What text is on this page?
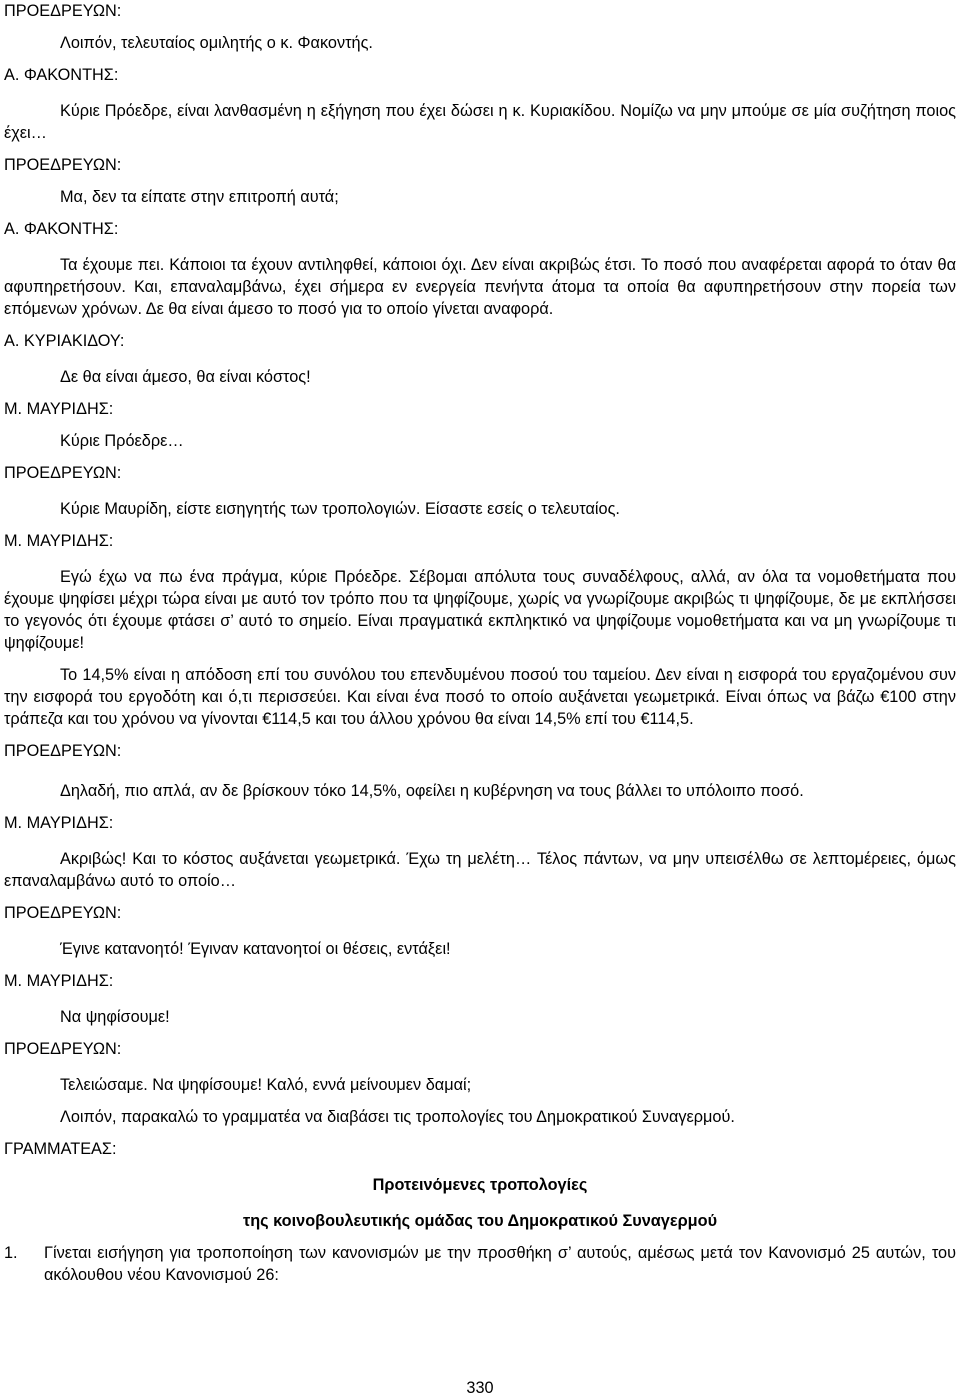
ΠΡΟΕΔΡΕΥΩΝ:

Λοιπόν, τελευταίος ομιλητής ο κ. Φακοντής.

Α. ΦΑΚΟΝΤΗΣ:

Κύριε Πρόεδρε, είναι λανθασμένη η εξήγηση που έχει δώσει η κ. Κυριακίδου. Νομίζω να μην μπούμε σε μία συζήτηση ποιος έχει…

ΠΡΟΕΔΡΕΥΩΝ:

Μα, δεν τα είπατε στην επιτροπή αυτά;

Α. ΦΑΚΟΝΤΗΣ:

Τα έχουμε πει. Κάποιοι τα έχουν αντιληφθεί, κάποιοι όχι. Δεν είναι ακριβώς έτσι. Το ποσό που αναφέρεται αφορά το όταν θα αφυπηρετήσουν. Και, επαναλαμβάνω, έχει σήμερα εν ενεργεία πενήντα άτομα τα οποία θα αφυπηρετήσουν στην πορεία των επόμενων χρόνων. Δε θα είναι άμεσο το ποσό για το οποίο γίνεται αναφορά.

Α. ΚΥΡΙΑΚΙΔΟΥ:

Δε θα είναι άμεσο, θα είναι κόστος!

Μ. ΜΑΥΡΙΔΗΣ:

Κύριε Πρόεδρε…

ΠΡΟΕΔΡΕΥΩΝ:

Κύριε Μαυρίδη, είστε εισηγητής των τροπολογιών. Είσαστε εσείς ο τελευταίος.

Μ. ΜΑΥΡΙΔΗΣ:

Εγώ έχω να πω ένα πράγμα, κύριε Πρόεδρε. Σέβομαι απόλυτα τους συναδέλφους, αλλά, αν όλα τα νομοθετήματα που έχουμε ψηφίσει μέχρι τώρα είναι με αυτό τον τρόπο που τα ψηφίζουμε, χωρίς να γνωρίζουμε ακριβώς τι ψηφίζουμε, δε με εκπλήσσει το γεγονός ότι έχουμε φτάσει σ’ αυτό το σημείο. Είναι πραγματικά εκπληκτικό να ψηφίζουμε νομοθετήματα και να μη γνωρίζουμε τι ψηφίζουμε!

Το 14,5% είναι η απόδοση επί του συνόλου του επενδυμένου ποσού του ταμείου. Δεν είναι η εισφορά του εργαζομένου συν την εισφορά του εργοδότη και ό,τι περισσεύει. Και είναι ένα ποσό το οποίο αυξάνεται γεωμετρικά. Είναι όπως να βάζω €100 στην τράπεζα και του χρόνου να γίνονται €114,5 και του άλλου χρόνου θα είναι 14,5% επί του €114,5.

ΠΡΟΕΔΡΕΥΩΝ:

Δηλαδή, πιο απλά, αν δε βρίσκουν τόκο 14,5%, οφείλει η κυβέρνηση να τους βάλλει το υπόλοιπο ποσό.

Μ. ΜΑΥΡΙΔΗΣ:

Ακριβώς! Και το κόστος αυξάνεται γεωμετρικά. Έχω τη μελέτη… Τέλος πάντων, να μην υπεισέλθω σε λεπτομέρειες, όμως επαναλαμβάνω αυτό το οποίο…

ΠΡΟΕΔΡΕΥΩΝ:

Έγινε κατανοητό! Έγιναν κατανοητοί οι θέσεις, εντάξει!

Μ. ΜΑΥΡΙΔΗΣ:

Να ψηφίσουμε!

ΠΡΟΕΔΡΕΥΩΝ:

Τελειώσαμε. Να ψηφίσουμε! Καλό, εννά μείνουμεν δαμαί;

Λοιπόν, παρακαλώ το γραμματέα να διαβάσει τις τροπολογίες του Δημοκρατικού Συναγερμού.

ΓΡΑΜΜΑΤΕΑΣ:

Προτεινόμενες τροπολογίες

της κοινοβουλευτικής ομάδας του Δημοκρατικού Συναγερμού

1.	Γίνεται εισήγηση για τροποποίηση των κανονισμών με την προσθήκη σ’ αυτούς, αμέσως μετά τον Κανονισμό 25 αυτών, του ακόλουθου νέου Κανονισμού 26:
330
